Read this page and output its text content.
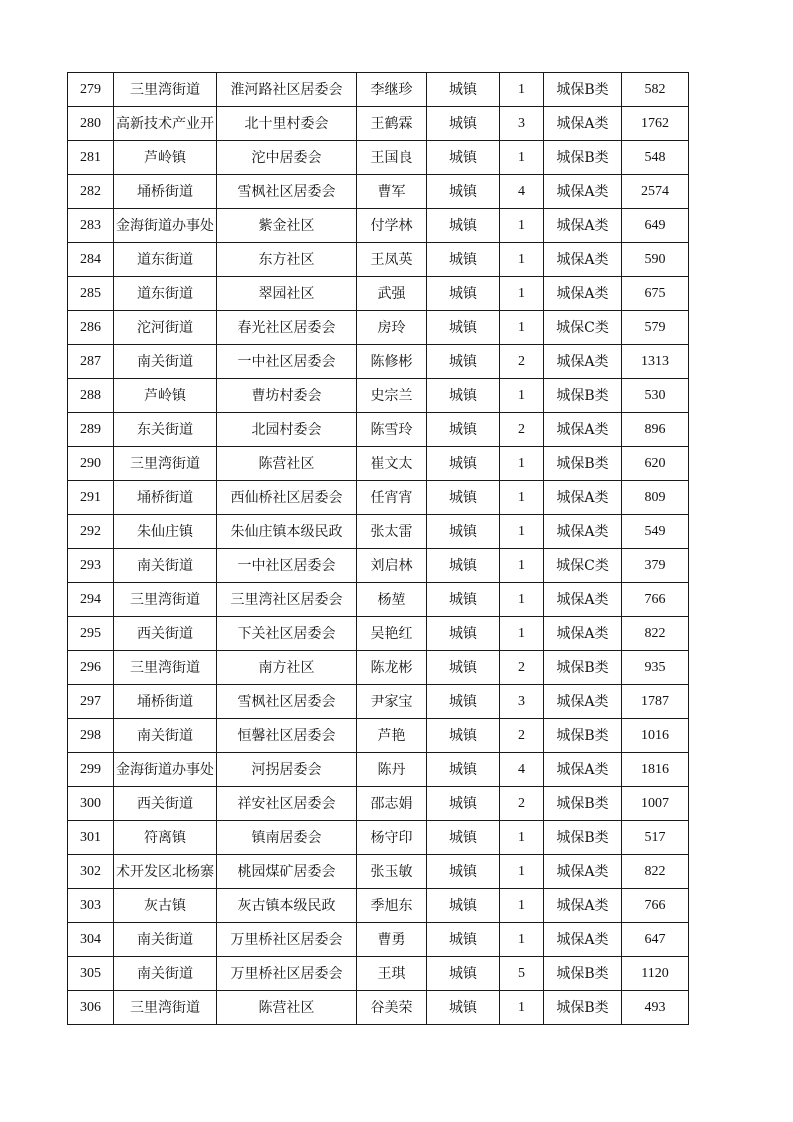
279	三里湾街道	淮河路社区居委会	李继珍	城镇	1	城保B类	582
280	高新技术产业开	北十里村委会	王鹤霖	城镇	3	城保A类	1762
281	芦岭镇	沱中居委会	王国良	城镇	1	城保B类	548
282	埇桥街道	雪枫社区居委会	曹军	城镇	4	城保A类	2574
283	金海街道办事处	紫金社区	付学林	城镇	1	城保A类	649
284	道东街道	东方社区	王凤英	城镇	1	城保A类	590
285	道东街道	翠园社区	武强	城镇	1	城保A类	675
286	沱河街道	春光社区居委会	房玲	城镇	1	城保C类	579
287	南关街道	一中社区居委会	陈修彬	城镇	2	城保A类	1313
288	芦岭镇	曹坊村委会	史宗兰	城镇	1	城保B类	530
289	东关街道	北园村委会	陈雪玲	城镇	2	城保A类	896
290	三里湾街道	陈营社区	崔文太	城镇	1	城保B类	620
291	埇桥街道	西仙桥社区居委会	任宵宵	城镇	1	城保A类	809
292	朱仙庄镇	朱仙庄镇本级民政	张太雷	城镇	1	城保A类	549
293	南关街道	一中社区居委会	刘启林	城镇	1	城保C类	379
294	三里湾街道	三里湾社区居委会	杨堃	城镇	1	城保A类	766
295	西关街道	下关社区居委会	吴艳红	城镇	1	城保A类	822
296	三里湾街道	南方社区	陈龙彬	城镇	2	城保B类	935
297	埇桥街道	雪枫社区居委会	尹家宝	城镇	3	城保A类	1787
298	南关街道	恒馨社区居委会	芦艳	城镇	2	城保B类	1016
299	金海街道办事处	河拐居委会	陈丹	城镇	4	城保A类	1816
300	西关街道	祥安社区居委会	邵志娟	城镇	2	城保B类	1007
301	符离镇	镇南居委会	杨守印	城镇	1	城保B类	517
302	术开发区北杨寨	桃园煤矿居委会	张玉敏	城镇	1	城保A类	822
303	灰古镇	灰古镇本级民政	季旭东	城镇	1	城保A类	766
304	南关街道	万里桥社区居委会	曹勇	城镇	1	城保A类	647
305	南关街道	万里桥社区居委会	王琪	城镇	5	城保B类	1120
306	三里湾街道	陈营社区	谷美荣	城镇	1	城保B类	493
